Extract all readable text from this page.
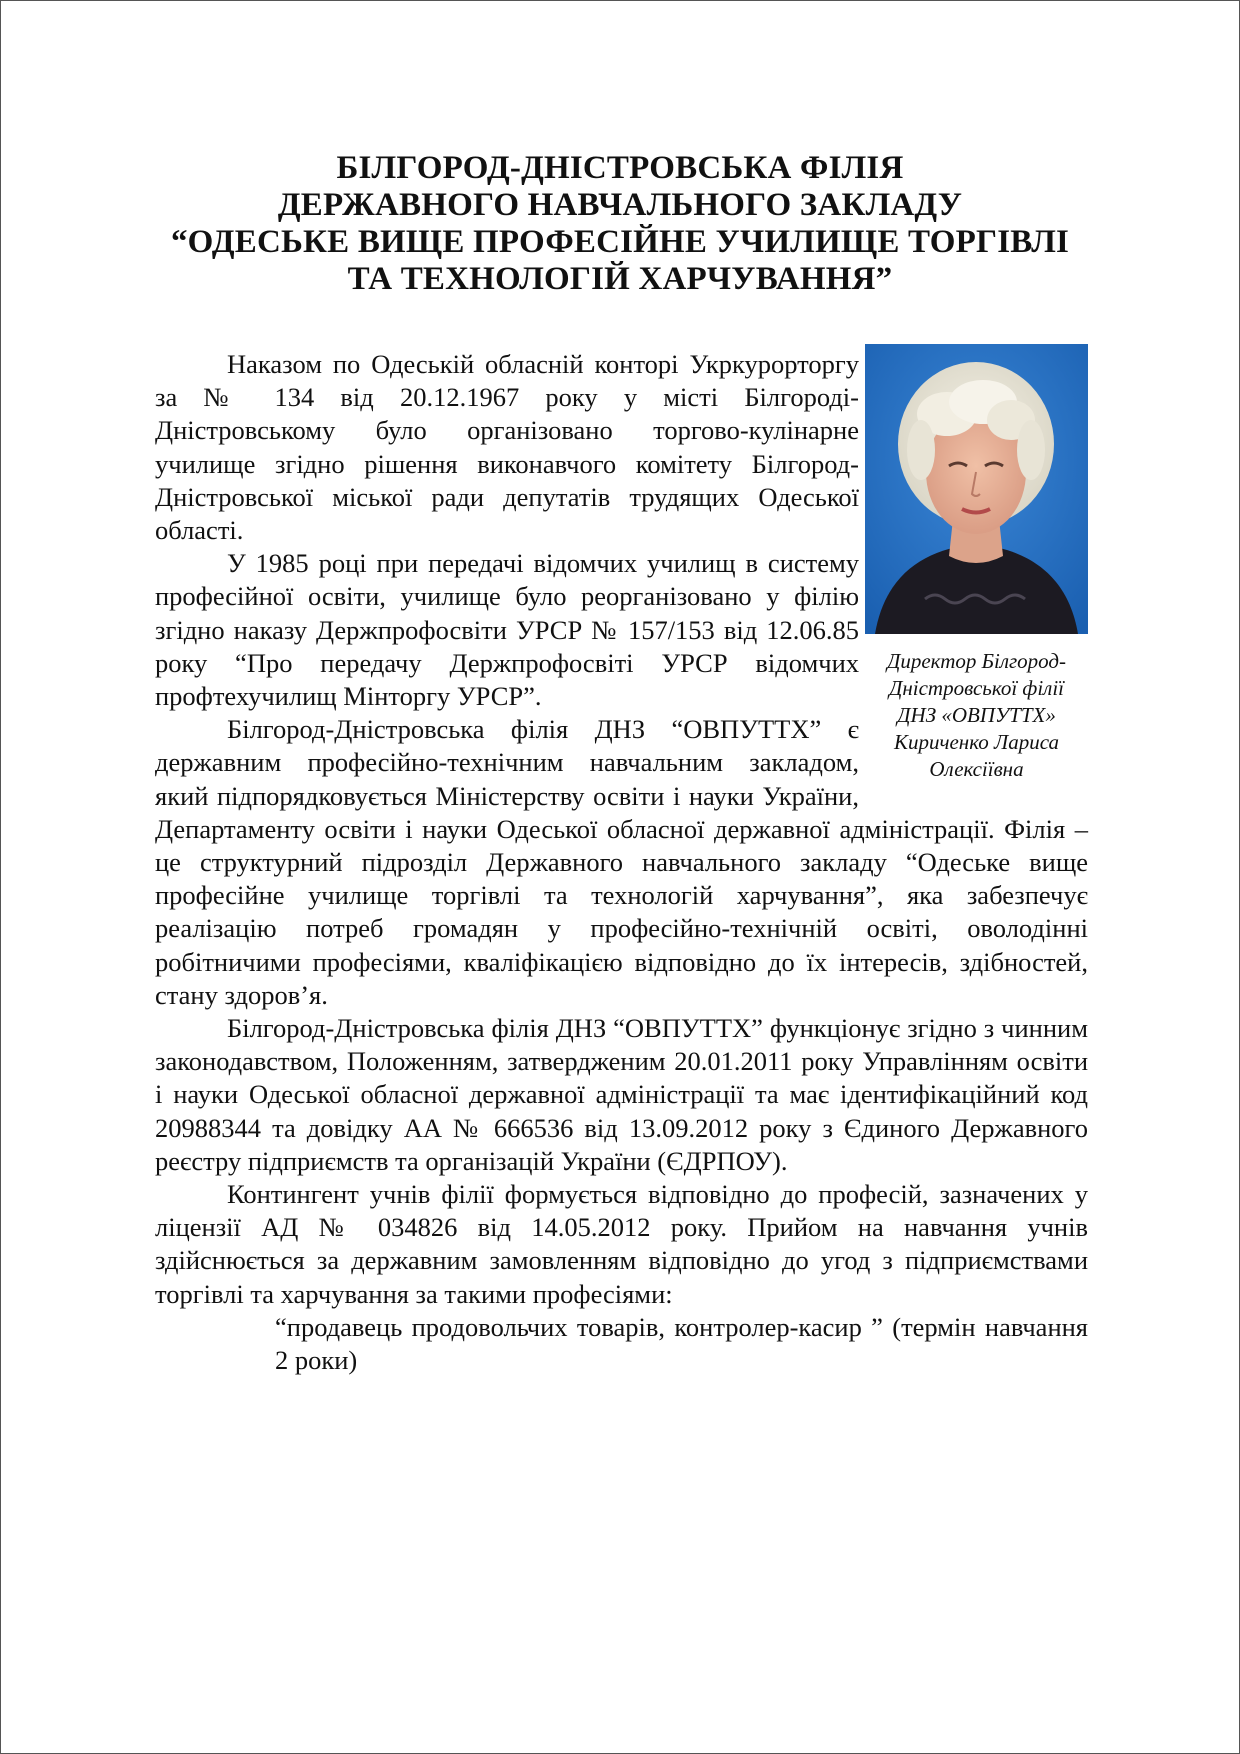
БІЛГОРОД-ДНІСТРОВСЬКА ФІЛІЯ
ДЕРЖАВНОГО НАВЧАЛЬНОГО ЗАКЛАДУ
“ОДЕСЬКЕ ВИЩЕ ПРОФЕСІЙНЕ УЧИЛИЩЕ ТОРГІВЛІ
ТА ТЕХНОЛОГІЙ ХАРЧУВАННЯ”
Директор Білгород-
Дністровської філії
ДНЗ «ОВПУТТХ»
Кириченко Лариса
Олексіївна

Наказом по Одеській обласній конторі Укркурорторгу за № 134 від 20.12.1967 року у місті Білгороді-Дністровському було організовано торгово-кулінарне училище згідно рішення виконавчого комітету Білгород-Дністровської міської ради депутатів трудящих Одеської області.

У 1985 році при передачі відомчих училищ в систему професійної освіти, училище було реорганізовано у філію згідно наказу Держпрофосвіти УРСР № 157/153 від 12.06.85 року “Про передачу Держпрофосвіті УРСР відомчих профтехучилищ Мінторгу УРСР”.

Білгород-Дністровська філія ДНЗ “ОВПУТТХ” є державним професійно-технічним навчальним закладом, який підпорядковується Міністерству освіти і науки України, Департаменту освіти і науки Одеської обласної державної адміністрації. Філія – це структурний підрозділ Державного навчального закладу “Одеське вище професійне училище торгівлі та технологій харчування”, яка забезпечує реалізацію потреб громадян у професійно-технічній освіті, оволодінні робітничими професіями, кваліфікацією відповідно до їх інтересів, здібностей, стану здоров’я.

Білгород-Дністровська філія ДНЗ “ОВПУТТХ” функціонує згідно з чинним законодавством, Положенням, затвердженим 20.01.2011 року Управлінням освіти і науки Одеської обласної державної адміністрації та має ідентифікаційний код 20988344 та довідку АА № 666536 від 13.09.2012 року з Єдиного Державного реєстру підприємств та організацій України (ЄДРПОУ).

Контингент учнів філії формується відповідно до професій, зазначених у ліцензії АД № 034826 від 14.05.2012 року. Прийом на навчання учнів здійснюється за державним замовленням відповідно до угод з підприємствами торгівлі та харчування за такими професіями:

“продавець продовольчих товарів, контролер-касир ” (термін навчання 2 роки)
